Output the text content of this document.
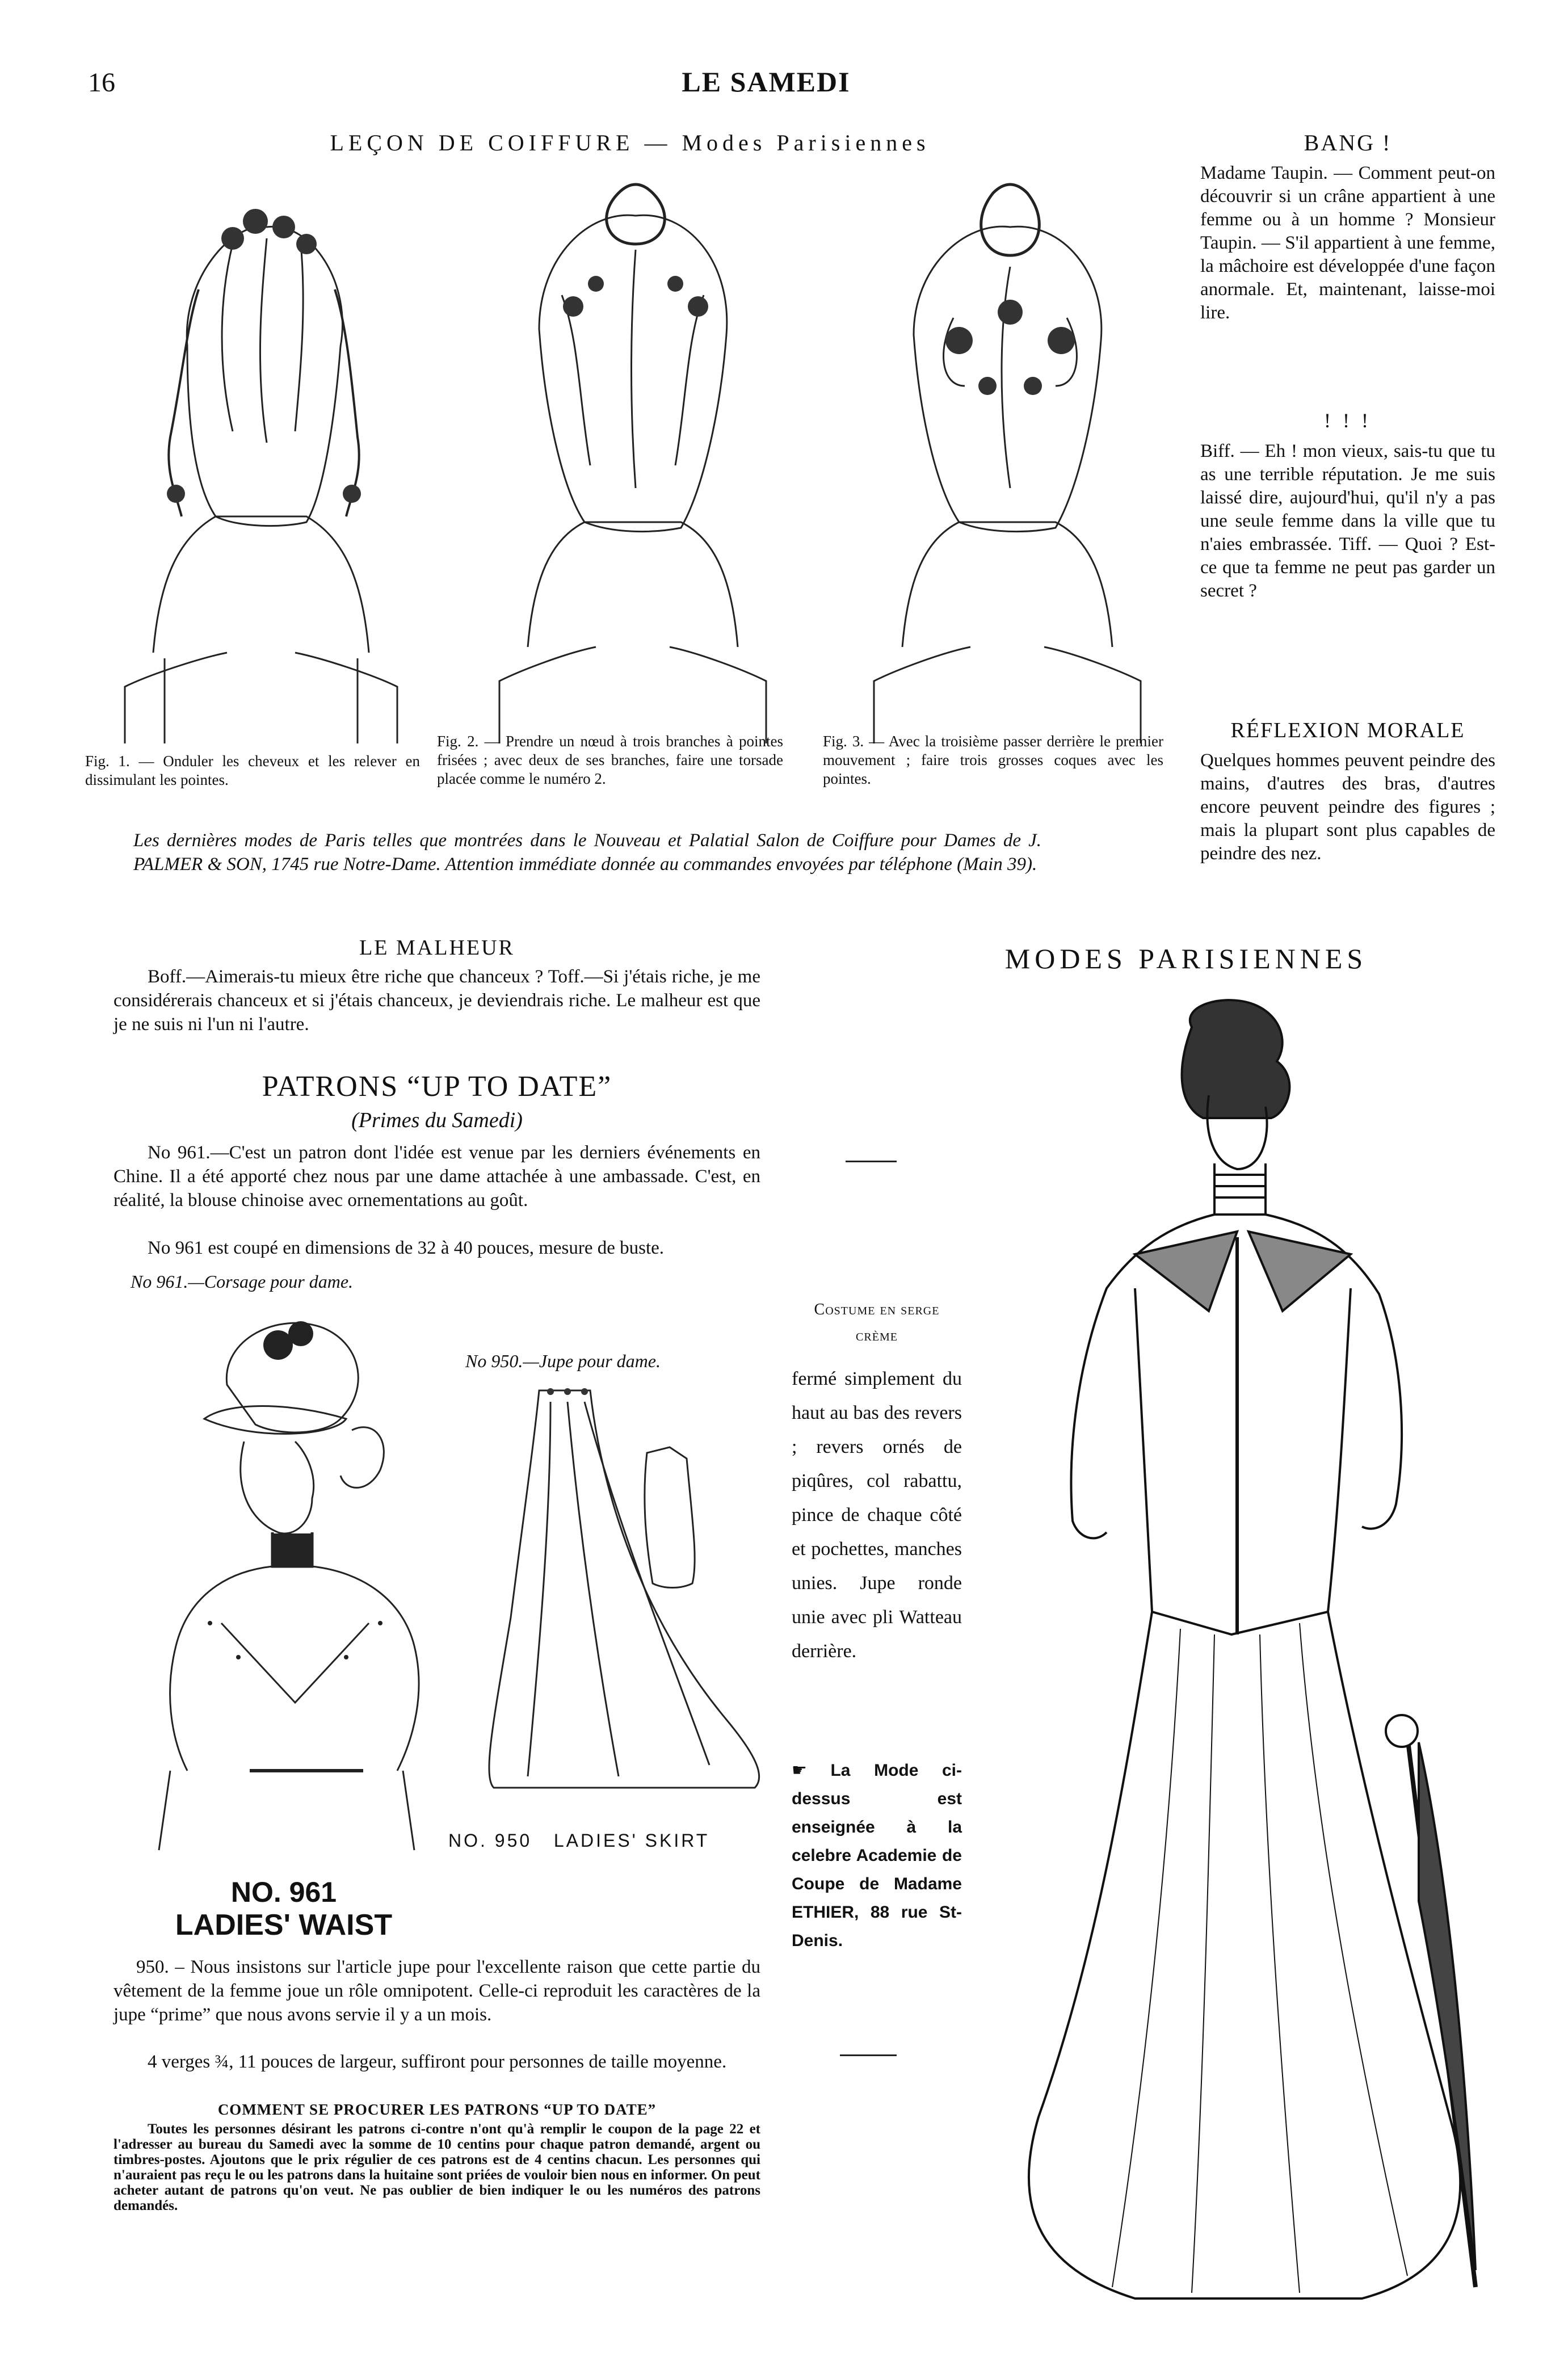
16	LE SAMEDI
LEÇON DE COIFFURE — Modes Parisiennes
Fig. 1. — Onduler les cheveux et les relever en dissimulant les pointes.
Fig. 2. — Prendre un nœud à trois branches à pointes frisées ; avec deux de ses branches, faire une torsade placée comme le numéro 2.
Fig. 3. — Avec la troisième passer derrière le premier mouvement ; faire trois grosses coques avec les pointes.
Les dernières modes de Paris telles que montrées dans le Nouveau et Palatial Salon de Coiffure pour Dames de J. PALMER & SON, 1745 rue Notre-Dame. Attention immédiate donnée au commandes envoyées par téléphone (Main 39).
BANG !
Madame Taupin. — Comment peut-on découvrir si un crâne appartient à une femme ou à un homme ? Monsieur Taupin. — S'il appartient à une femme, la mâchoire est développée d'une façon anormale. Et, maintenant, laisse-moi lire.
! ! !
Biff. — Eh ! mon vieux, sais-tu que tu as une terrible réputation. Je me suis laissé dire, aujourd'hui, qu'il n'y a pas une seule femme dans la ville que tu n'aies embrassée. Tiff. — Quoi ? Est-ce que ta femme ne peut pas garder un secret ?
RÉFLEXION MORALE
Quelques hommes peuvent peindre des mains, d'autres des bras, d'autres encore peuvent peindre des figures ; mais la plupart sont plus capables de peindre des nez.
LE MALHEUR
Boff.—Aimerais-tu mieux être riche que chanceux ? Toff.—Si j'étais riche, je me considérerais chanceux et si j'étais chanceux, je deviendrais riche. Le malheur est que je ne suis ni l'un ni l'autre.
MODES PARISIENNES
PATRONS “UP TO DATE”
(Primes du Samedi)
No 961.—C'est un patron dont l'idée est venue par les derniers événements en Chine. Il a été apporté chez nous par une dame attachée à une ambassade. C'est, en réalité, la blouse chinoise avec ornementations au goût.
No 961 est coupé en dimensions de 32 à 40 pouces, mesure de buste.
No 961.—Corsage pour dame.
No 950.—Jupe pour dame.
NO. 950   LADIES' SKIRT
NO. 961
LADIES' WAIST
950. – Nous insistons sur l'article jupe pour l'excellente raison que cette partie du vêtement de la femme joue un rôle omnipotent. Celle-ci reproduit les caractères de la jupe “prime” que nous avons servie il y a un mois.
4 verges ¾, 11 pouces de largeur, suffiront pour personnes de taille moyenne.
COMMENT SE PROCURER LES PATRONS “UP TO DATE”
Toutes les personnes désirant les patrons ci-contre n'ont qu'à remplir le coupon de la page 22 et l'adresser au bureau du Samedi avec la somme de 10 centins pour chaque patron demandé, argent ou timbres-postes. Ajoutons que le prix régulier de ces patrons est de 4 centins chacun. Les personnes qui n'auraient pas reçu le ou les patrons dans la huitaine sont priées de vouloir bien nous en informer. On peut acheter autant de patrons qu'on veut. Ne pas oublier de bien indiquer le ou les numéros des patrons demandés.
Costume en serge crème
fermé simplement du haut au bas des revers ; revers ornés de piqûres, col rabattu, pince de chaque côté et pochettes, manches unies. Jupe ronde unie avec pli Watteau derrière.
☛ La Mode ci-dessus est enseignée à la celebre Academie de Coupe de Madame ETHIER, 88 rue St-Denis.
